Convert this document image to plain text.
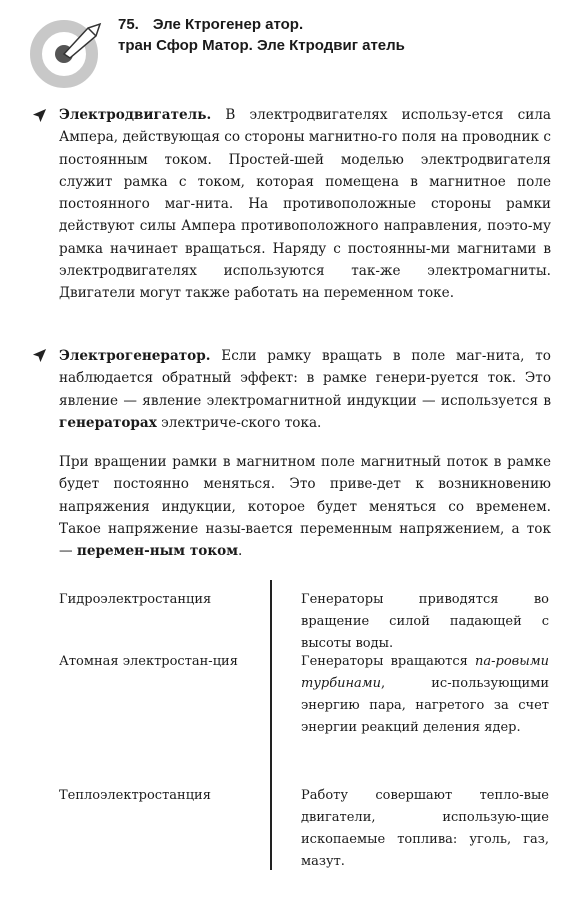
75. Эле Ктрогенер атор.
тран Сфор Матор. Эле Ктродвиг атель
Электродвигатель. В электродвигателях использу-ется сила Ампера, действующая со стороны магнитно-го поля на проводник с постоянным током. Простей-шей моделью электродвигателя служит рамка с током, которая помещена в магнитное поле постоянного маг-нита. На противоположные стороны рамки действуют силы Ампера противоположного направления, поэто-му рамка начинает вращаться. Наряду с постоянны-ми магнитами в электродвигателях используются так-же электромагниты. Двигатели могут также работать на переменном токе.
Электрогенератор. Если рамку вращать в поле маг-нита, то наблюдается обратный эффект: в рамке генери-руется ток. Это явление — явление электромагнитной индукции — используется в генераторах электриче-ского тока.
При вращении рамки в магнитном поле магнитный поток в рамке будет постоянно меняться. Это приве-дет к возникновению напряжения индукции, которое будет меняться со временем. Такое напряжение назы-вается переменным напряжением, а ток — перемен-ным током.
Гидроэлектростанция	Генераторы приводятся во вращение силой падающей с высоты воды.
Атомная электростан-ция	Генераторы вращаются па-ровыми турбинами, ис-пользующими энергию пара, нагретого за счет энергии реакций деления ядер.
Теплоэлектростанция	Работу совершают тепло-вые двигатели, использую-щие ископаемые топлива: уголь, газ, мазут.
